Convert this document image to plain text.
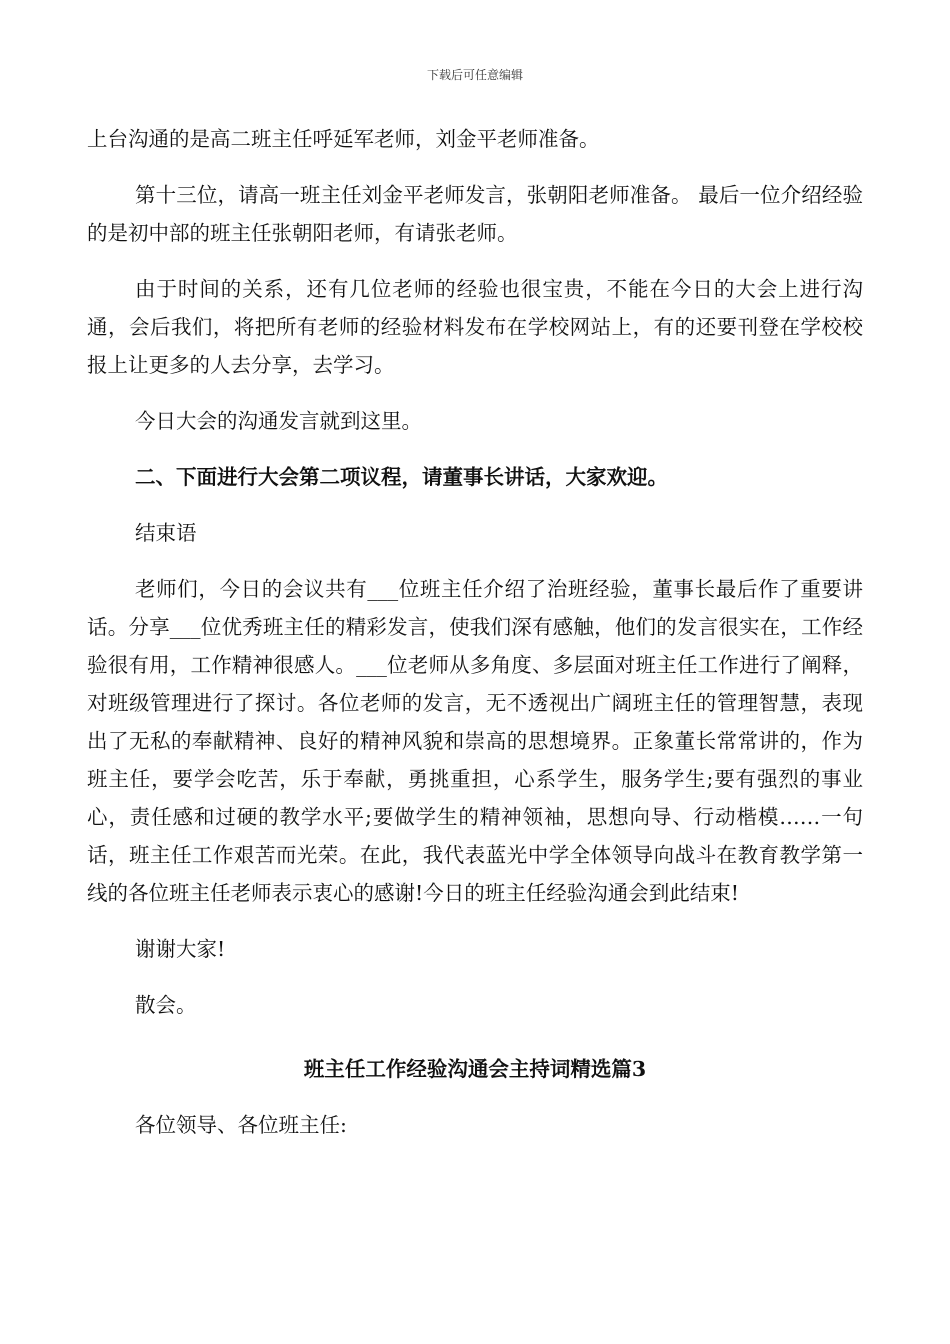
下载后可任意编辑

上台沟通的是高二班主任呼延军老师，刘金平老师准备。

第十三位，请高一班主任刘金平老师发言，张朝阳老师准备。 最后一位介绍经验的是初中部的班主任张朝阳老师，有请张老师。

由于时间的关系，还有几位老师的经验也很宝贵，不能在今日的大会上进行沟通，会后我们，将把所有老师的经验材料发布在学校网站上，有的还要刊登在学校校报上让更多的人去分享，去学习。

今日大会的沟通发言就到这里。

二、下面进行大会第二项议程，请董事长讲话，大家欢迎。

结束语

老师们，今日的会议共有___位班主任介绍了治班经验，董事长最后作了重要讲话。分享___位优秀班主任的精彩发言，使我们深有感触，他们的发言很实在，工作经验很有用，工作精神很感人。___位老师从多角度、多层面对班主任工作进行了阐释，对班级管理进行了探讨。各位老师的发言，无不透视出广阔班主任的管理智慧，表现出了无私的奉献精神、良好的精神风貌和崇高的思想境界。正象董长常常讲的，作为班主任，要学会吃苦，乐于奉献，勇挑重担，心系学生，服务学生;要有强烈的事业心，责任感和过硬的教学水平;要做学生的精神领袖，思想向导、行动楷模……一句话，班主任工作艰苦而光荣。在此，我代表蓝光中学全体领导向战斗在教育教学第一线的各位班主任老师表示衷心的感谢!今日的班主任经验沟通会到此结束!

谢谢大家!

散会。

班主任工作经验沟通会主持词精选篇3

各位领导、各位班主任:
